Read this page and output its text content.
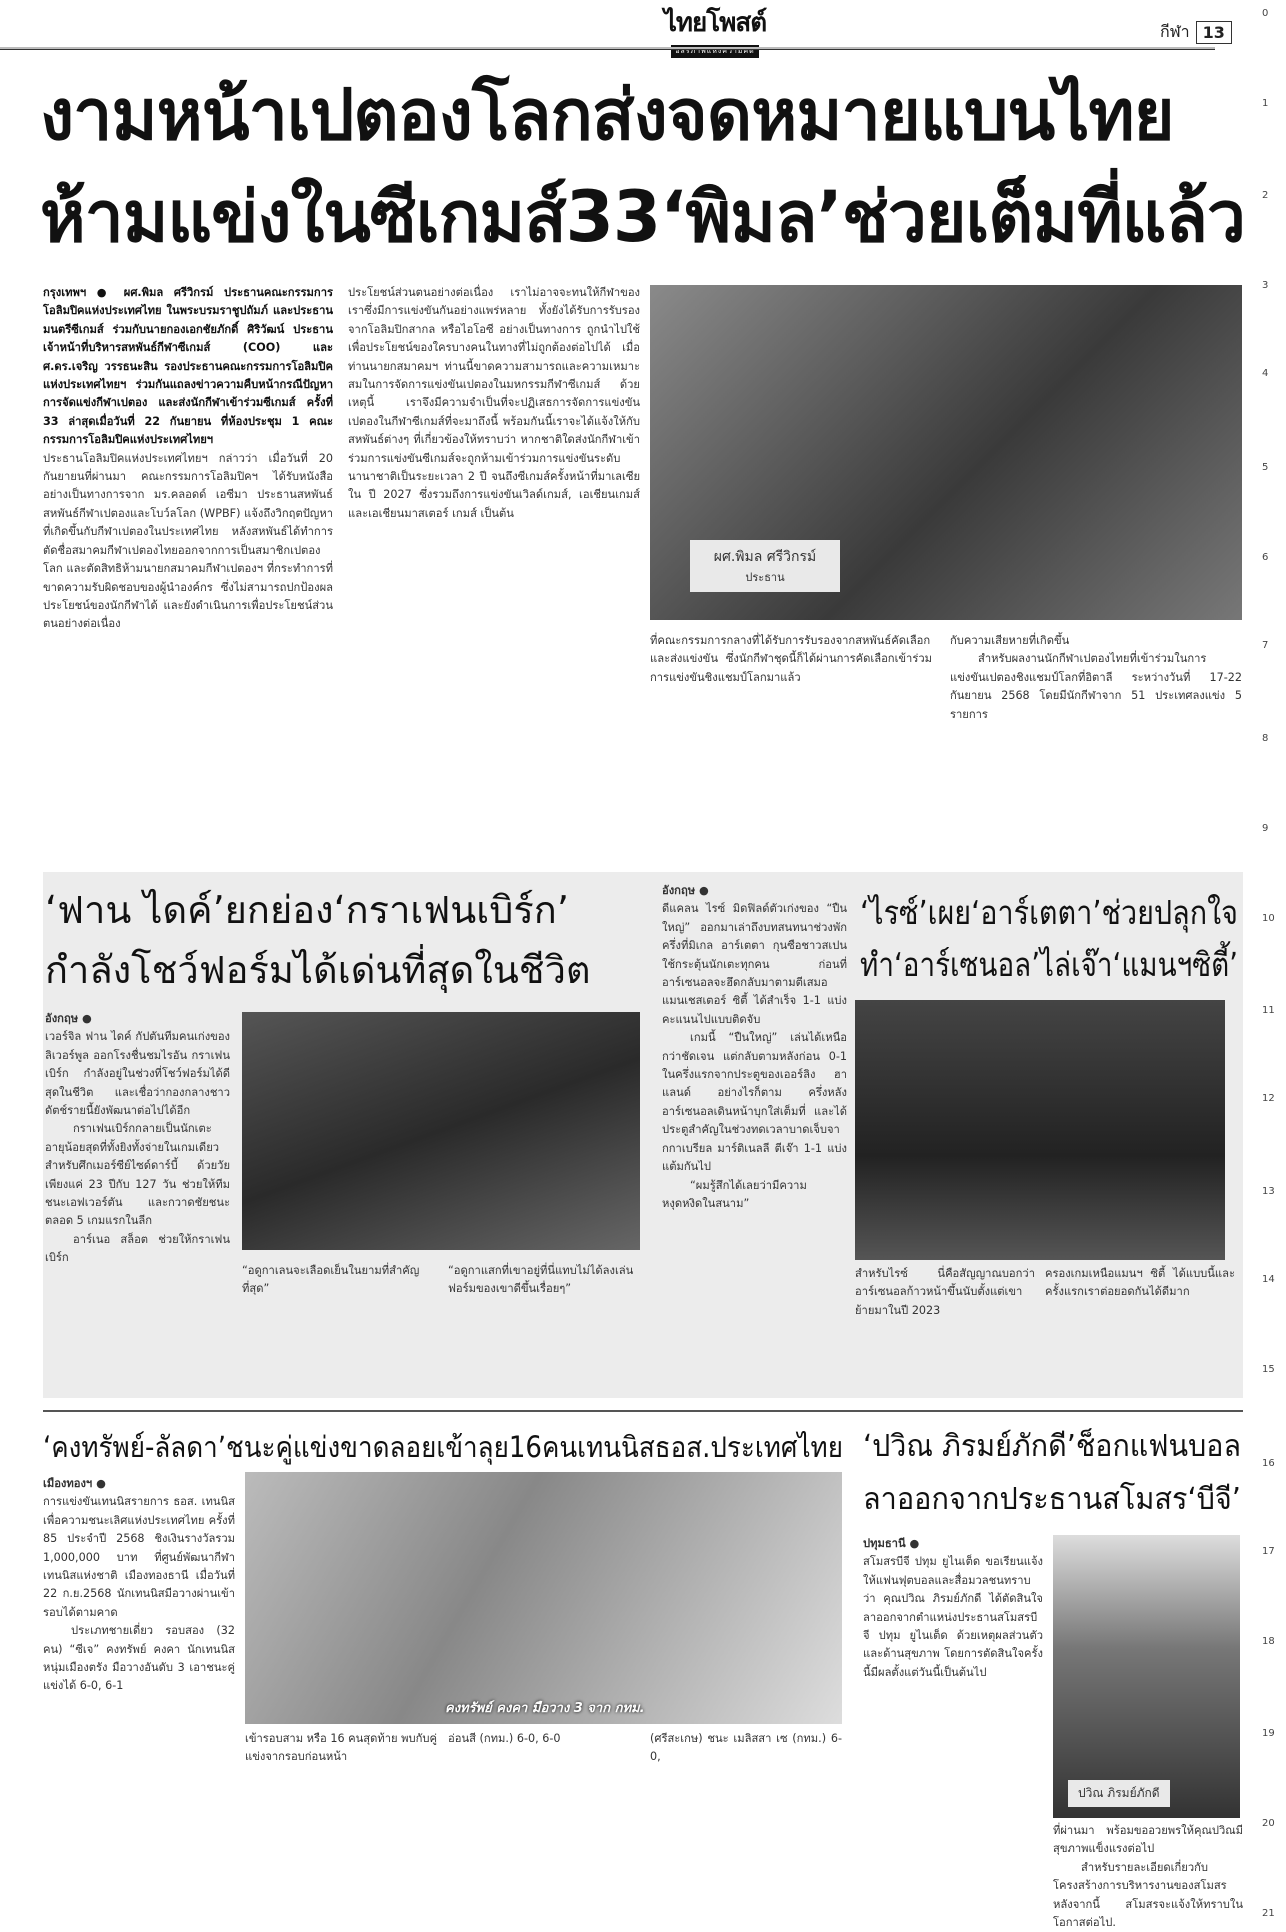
ไทยโพสต์
อิสรภาพแห่งความคิด
กีฬา 13
0
1
2
3
4
5
6
7
8
9
10
11
12
13
14
15
16
17
18
19
20
21
งามหน้าเปตองโลกส่งจดหมายแบนไทย
ห้ามแข่งในซีเกมส์33‘พิมล’ช่วยเต็มที่แล้ว

กรุงเทพฯ ● ผศ.พิมล ศรีวิกรม์ ประธานคณะกรรมการโอลิมปิคแห่งประเทศไทย ในพระบรมราชูปถัมภ์ และประธานมนตรีซีเกมส์ ร่วมกับนายกองเอกชัยภักดิ์ ศิริวัฒน์ ประธานเจ้าหน้าที่บริหารสหพันธ์กีฬาซีเกมส์ (COO) และ ศ.ดร.เจริญ วรรธนะสิน รองประธานคณะกรรมการโอลิมปิคแห่งประเทศไทยฯ ร่วมกันแถลงข่าวความคืบหน้ากรณีปัญหาการจัดแข่งกีฬาเปตอง และส่งนักกีฬาเข้าร่วมซีเกมส์ ครั้งที่ 33 ล่าสุดเมื่อวันที่ 22 กันยายน ที่ห้องประชุม 1 คณะกรรมการโอลิมปิคแห่งประเทศไทยฯ

ประธานโอลิมปิคแห่งประเทศไทยฯ กล่าวว่า เมื่อวันที่ 20 กันยายนที่ผ่านมา คณะกรรมการโอลิมปิคฯ ได้รับหนังสืออย่างเป็นทางการจาก มร.คลอดด์ เอซีมา ประธานสหพันธ์สหพันธ์กีฬาเปตองและโบว์ลโลก (WPBF) แจ้งถึงวิกฤตปัญหาที่เกิดขึ้นกับกีฬาเปตองในประเทศไทย หลังสหพันธ์ได้ทำการตัดชื่อสมาคมกีฬาเปตองไทยออกจากการเป็นสมาชิกเปตองโลก และตัดสิทธิห้ามนายกสมาคมกีฬาเปตองฯ ที่กระทำการที่ขาดความรับผิดชอบของผู้นำองค์กร ซึ่งไม่สามารถปกป้องผลประโยชน์ของนักกีฬาได้ และยังดำเนินการเพื่อประโยชน์ส่วนตนอย่างต่อเนื่อง

ประโยชน์ส่วนตนอย่างต่อเนื่อง เราไม่อาจจะทนให้กีฬาของเราซึ่งมีการแข่งขันกันอย่างแพร่หลาย ทั้งยังได้รับการรับรองจากโอลิมปิกสากล หรือไอโอซี อย่างเป็นทางการ ถูกนำไปใช้เพื่อประโยชน์ของใครบางคนในทางที่ไม่ถูกต้องต่อไปได้ เมื่อท่านนายกสมาคมฯ ท่านนี้ขาดความสามารถและความเหมาะสมในการจัดการแข่งขันเปตองในมหกรรมกีฬาซีเกมส์ ด้วยเหตุนี้ เราจึงมีความจำเป็นที่จะปฏิเสธการจัดการแข่งขันเปตองในกีฬาซีเกมส์ที่จะมาถึงนี้ พร้อมกันนี้เราจะได้แจ้งให้กับสหพันธ์ต่างๆ ที่เกี่ยวข้องให้ทราบว่า หากชาติใดส่งนักกีฬาเข้าร่วมการแข่งขันซีเกมส์จะถูกห้ามเข้าร่วมการแข่งขันระดับนานาชาติเป็นระยะเวลา 2 ปี จนถึงซีเกมส์ครั้งหน้าที่มาเลเซีย ใน ปี 2027 ซึ่งรวมถึงการแข่งขันเวิลด์เกมส์, เอเชียนเกมส์ และเอเชียนมาสเตอร์ เกมส์ เป็นต้น

ผศ.พิมล ศรีวิกรม์
ประธาน

ที่คณะกรรมการกลางที่ได้รับการรับรองจากสหพันธ์คัดเลือกและส่งแข่งขัน ซึ่งนักกีฬาชุดนี้ก็ได้ผ่านการคัดเลือกเข้าร่วมการแข่งขันชิงแชมป์โลกมาแล้ว

กับความเสียหายที่เกิดขึ้น

สำหรับผลงานนักกีฬาเปตองไทยที่เข้าร่วมในการแข่งขันเปตองชิงแชมป์โลกที่อิตาลี ระหว่างวันที่ 17-22 กันยายน 2568 โดยมีนักกีฬาจาก 51 ประเทศลงแข่ง 5 รายการ

‘ฟาน ไดค์’ยกย่อง‘กราเฟนเบิร์ก’
กำลังโชว์ฟอร์มได้เด่นที่สุดในชีวิต

อังกฤษ ●

เวอร์จิล ฟาน ไดค์ กัปตันทีมคนเก่งของลิเวอร์พูล ออกโรงชื่นชมไรอัน กราเฟนเบิร์ก กำลังอยู่ในช่วงที่โชว์ฟอร์มได้ดีสุดในชีวิต และเชื่อว่ากองกลางชาวดัตช์รายนี้ยังพัฒนาต่อไปได้อีก

กราเฟนเบิร์กกลายเป็นนักเตะอายุน้อยสุดที่ทั้งยิงทั้งจ่ายในเกมเดียวสำหรับศึกเมอร์ซีย์ไซด์ดาร์บี้ ด้วยวัยเพียงแค่ 23 ปีกับ 127 วัน ช่วยให้ทีมชนะเอฟเวอร์ตัน และกวาดชัยชนะตลอด 5 เกมแรกในลีก

อาร์เนอ สล็อต ช่วยให้กราเฟนเบิร์ก

“อดูกาเลนจะเลือดเย็นในยามที่สำคัญที่สุด”

“อดูกาแสกที่เขาอยู่ที่นี่แทบไม่ได้ลงเล่น ฟอร์มของเขาดีขึ้นเรื่อยๆ”

อังกฤษ ●

ดีแคลน ไรซ์ มิดฟิลด์ตัวเก่งของ “ปืนใหญ่” ออกมาเล่าถึงบทสนทนาช่วงพักครึ่งที่มิเกล อาร์เตตา กุนซือชาวสเปนใช้กระตุ้นนักเตะทุกคน ก่อนที่อาร์เซนอลจะฮึดกลับมาตามตีเสมอแมนเชสเตอร์ ซิตี้ ได้สำเร็จ 1-1 แบ่งคะแนนไปแบบติดจับ

เกมนี้ “ปืนใหญ่” เล่นได้เหนือกว่าชัดเจน แต่กลับตามหลังก่อน 0-1 ในครึ่งแรกจากประตูของเออร์ลิง ฮาแลนด์ อย่างไรก็ตาม ครึ่งหลังอาร์เซนอลเดินหน้าบุกใส่เต็มที่ และได้ประตูสำคัญในช่วงทดเวลาบาดเจ็บจากกาเบรียล มาร์ติเนลลี ตีเจ๊า 1-1 แบ่งแต้มกันไป

“ผมรู้สึกได้เลยว่ามีความหงุดหงิดในสนาม”

‘ไรซ์’เผย‘อาร์เตตา’ช่วยปลุกใจ
ทำ‘อาร์เซนอล’ไล่เจ๊า‘แมนฯซิตี้’

สำหรับไรซ์ นี่คือสัญญาณบอกว่าอาร์เซนอลก้าวหน้าขึ้นนับตั้งแต่เขาย้ายมาในปี 2023

ครองเกมเหนือแมนฯ ซิตี้ ได้แบบนี้และครั้งแรกเราต่อยอดกันได้ดีมาก

‘คงทรัพย์-ลัลดา’ชนะคู่แข่งขาดลอยเข้าลุย16คนเทนนิสธอส.ประเทศไทย

เมืองทองฯ ●

การแข่งขันเทนนิสรายการ ธอส. เทนนิสเพื่อความชนะเลิศแห่งประเทศไทย ครั้งที่ 85 ประจำปี 2568 ชิงเงินรางวัลรวม 1,000,000 บาท ที่ศูนย์พัฒนากีฬาเทนนิสแห่งชาติ เมืองทองธานี เมื่อวันที่ 22 ก.ย.2568 นักเทนนิสมีอวางผ่านเข้ารอบได้ตามคาด

ประเภทชายเดี่ยว รอบสอง (32 คน) “ซีเจ” คงทรัพย์ คงคา นักเทนนิสหนุ่มเมืองตรัง มือวางอันดับ 3 เอาชนะคู่แข่งได้ 6-0, 6-1

คงทรัพย์ คงคา มือวาง 3 จาก กทม.

เข้ารอบสาม หรือ 16 คนสุดท้าย พบกับคู่แข่งจากรอบก่อนหน้า

อ่อนสี (กทม.) 6-0, 6-0	(ศรีสะเกษ) ชนะ เมลิสสา เซ (กทม.) 6-0,

‘ปวิณ ภิรมย์ภักดี’ช็อกแฟนบอล
ลาออกจากประธานสโมสร‘บีจี’

ปทุมธานี ●

สโมสรบีจี ปทุม ยูไนเต็ด ขอเรียนแจ้งให้แฟนฟุตบอลและสื่อมวลชนทราบว่า คุณปวิณ ภิรมย์ภักดี ได้ตัดสินใจลาออกจากตำแหน่งประธานสโมสรบีจี ปทุม ยูไนเต็ด ด้วยเหตุผลส่วนตัวและด้านสุขภาพ โดยการตัดสินใจครั้งนี้มีผลตั้งแต่วันนี้เป็นต้นไป

ปวิณ ภิรมย์ภักดี

ที่ผ่านมา พร้อมขออวยพรให้คุณปวิณมีสุขภาพแข็งแรงต่อไป

สำหรับรายละเอียดเกี่ยวกับโครงสร้างการบริหารงานของสโมสรหลังจากนี้ สโมสรจะแจ้งให้ทราบในโอกาสต่อไป.
